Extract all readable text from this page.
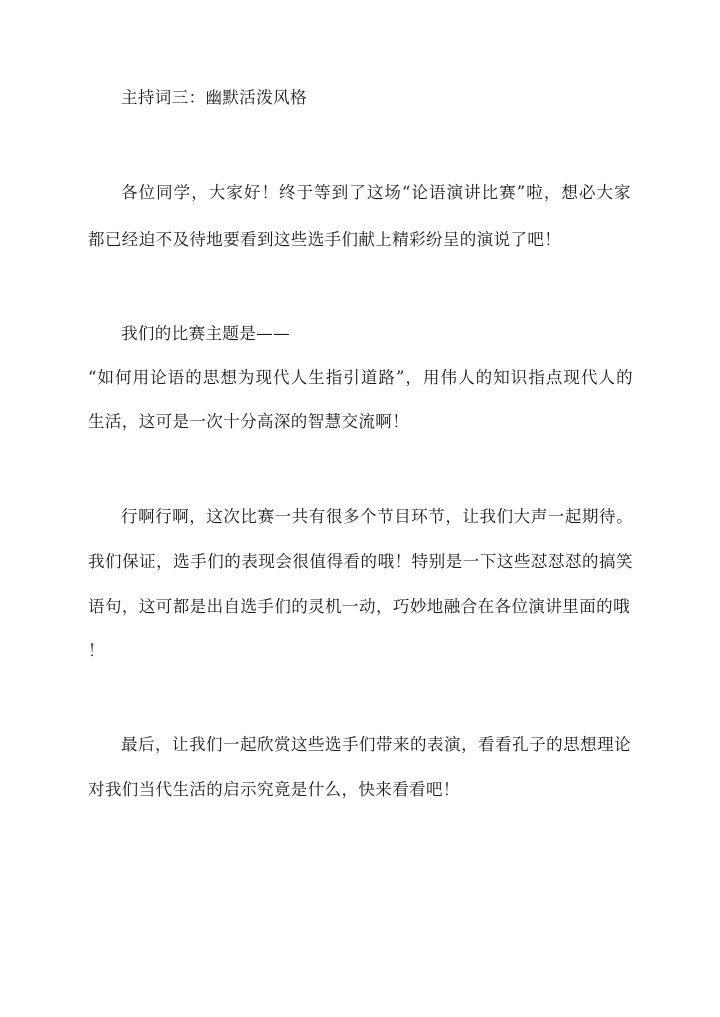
主持词三：幽默活泼风格
各位同学，大家好！终于等到了这场“论语演讲比赛”啦，想必大家
都已经迫不及待地要看到这些选手们献上精彩纷呈的演说了吧！
我们的比赛主题是——
“如何用论语的思想为现代人生指引道路”，用伟人的知识指点现代人的
生活，这可是一次十分高深的智慧交流啊！
行啊行啊，这次比赛一共有很多个节目环节，让我们大声一起期待。
我们保证，选手们的表现会很值得看的哦！特别是一下这些怼怼怼的搞笑
语句，这可都是出自选手们的灵机一动，巧妙地融合在各位演讲里面的哦
！
最后，让我们一起欣赏这些选手们带来的表演，看看孔子的思想理论
对我们当代生活的启示究竟是什么，快来看看吧！
